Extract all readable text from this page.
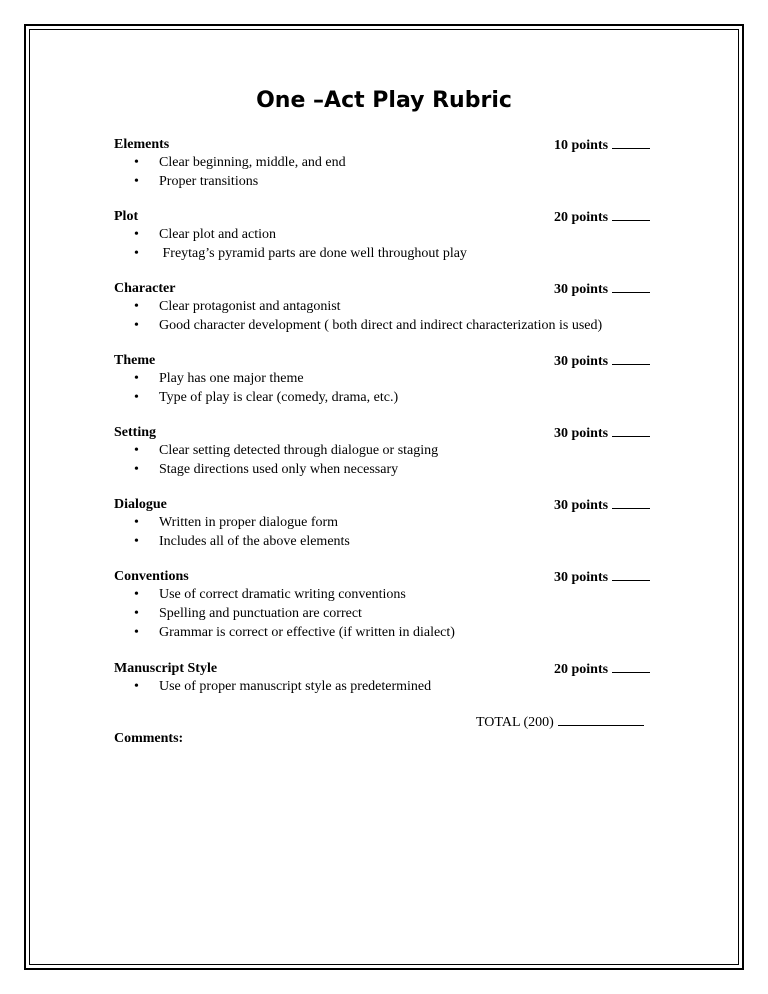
One –Act Play Rubric
Elements	10 points
• Clear beginning, middle, and end
• Proper transitions
Plot	20 points
• Clear plot and action
• Freytag’s pyramid parts are done well throughout play
Character	30 points
• Clear protagonist and antagonist
• Good character development ( both direct and indirect characterization is used)
Theme	30 points
• Play has one major theme
• Type of play is clear (comedy, drama, etc.)
Setting	30 points
• Clear setting detected through dialogue or staging
• Stage directions used only when necessary
Dialogue	30 points
• Written in proper dialogue form
• Includes all of the above elements
Conventions	30 points
• Use of correct dramatic writing conventions
• Spelling and punctuation are correct
• Grammar is correct or effective (if written in dialect)
Manuscript Style	20 points
• Use of proper manuscript style as predetermined
TOTAL (200)
Comments:
